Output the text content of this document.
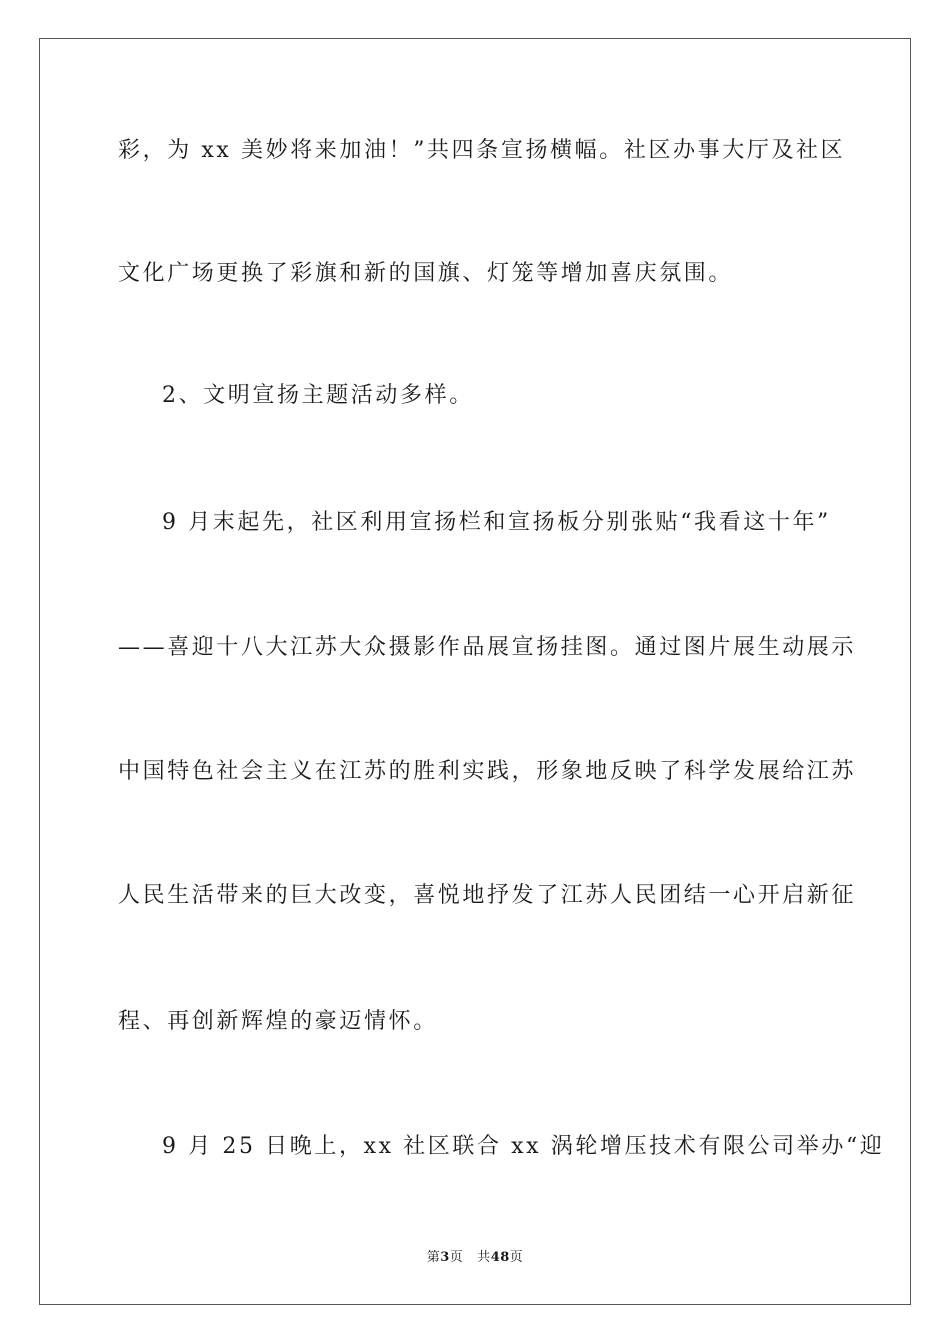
彩，为 xx 美妙将来加油！”共四条宣扬横幅。社区办事大厅及社区
文化广场更换了彩旗和新的国旗、灯笼等增加喜庆氛围。
2、文明宣扬主题活动多样。
9 月末起先，社区利用宣扬栏和宣扬板分别张贴“我看这十年”
——喜迎十八大江苏大众摄影作品展宣扬挂图。通过图片展生动展示
中国特色社会主义在江苏的胜利实践，形象地反映了科学发展给江苏
人民生活带来的巨大改变，喜悦地抒发了江苏人民团结一心开启新征
程、再创新辉煌的豪迈情怀。
9 月 25 日晚上，xx 社区联合 xx 涡轮增压技术有限公司举办“迎
第3页 共48页
